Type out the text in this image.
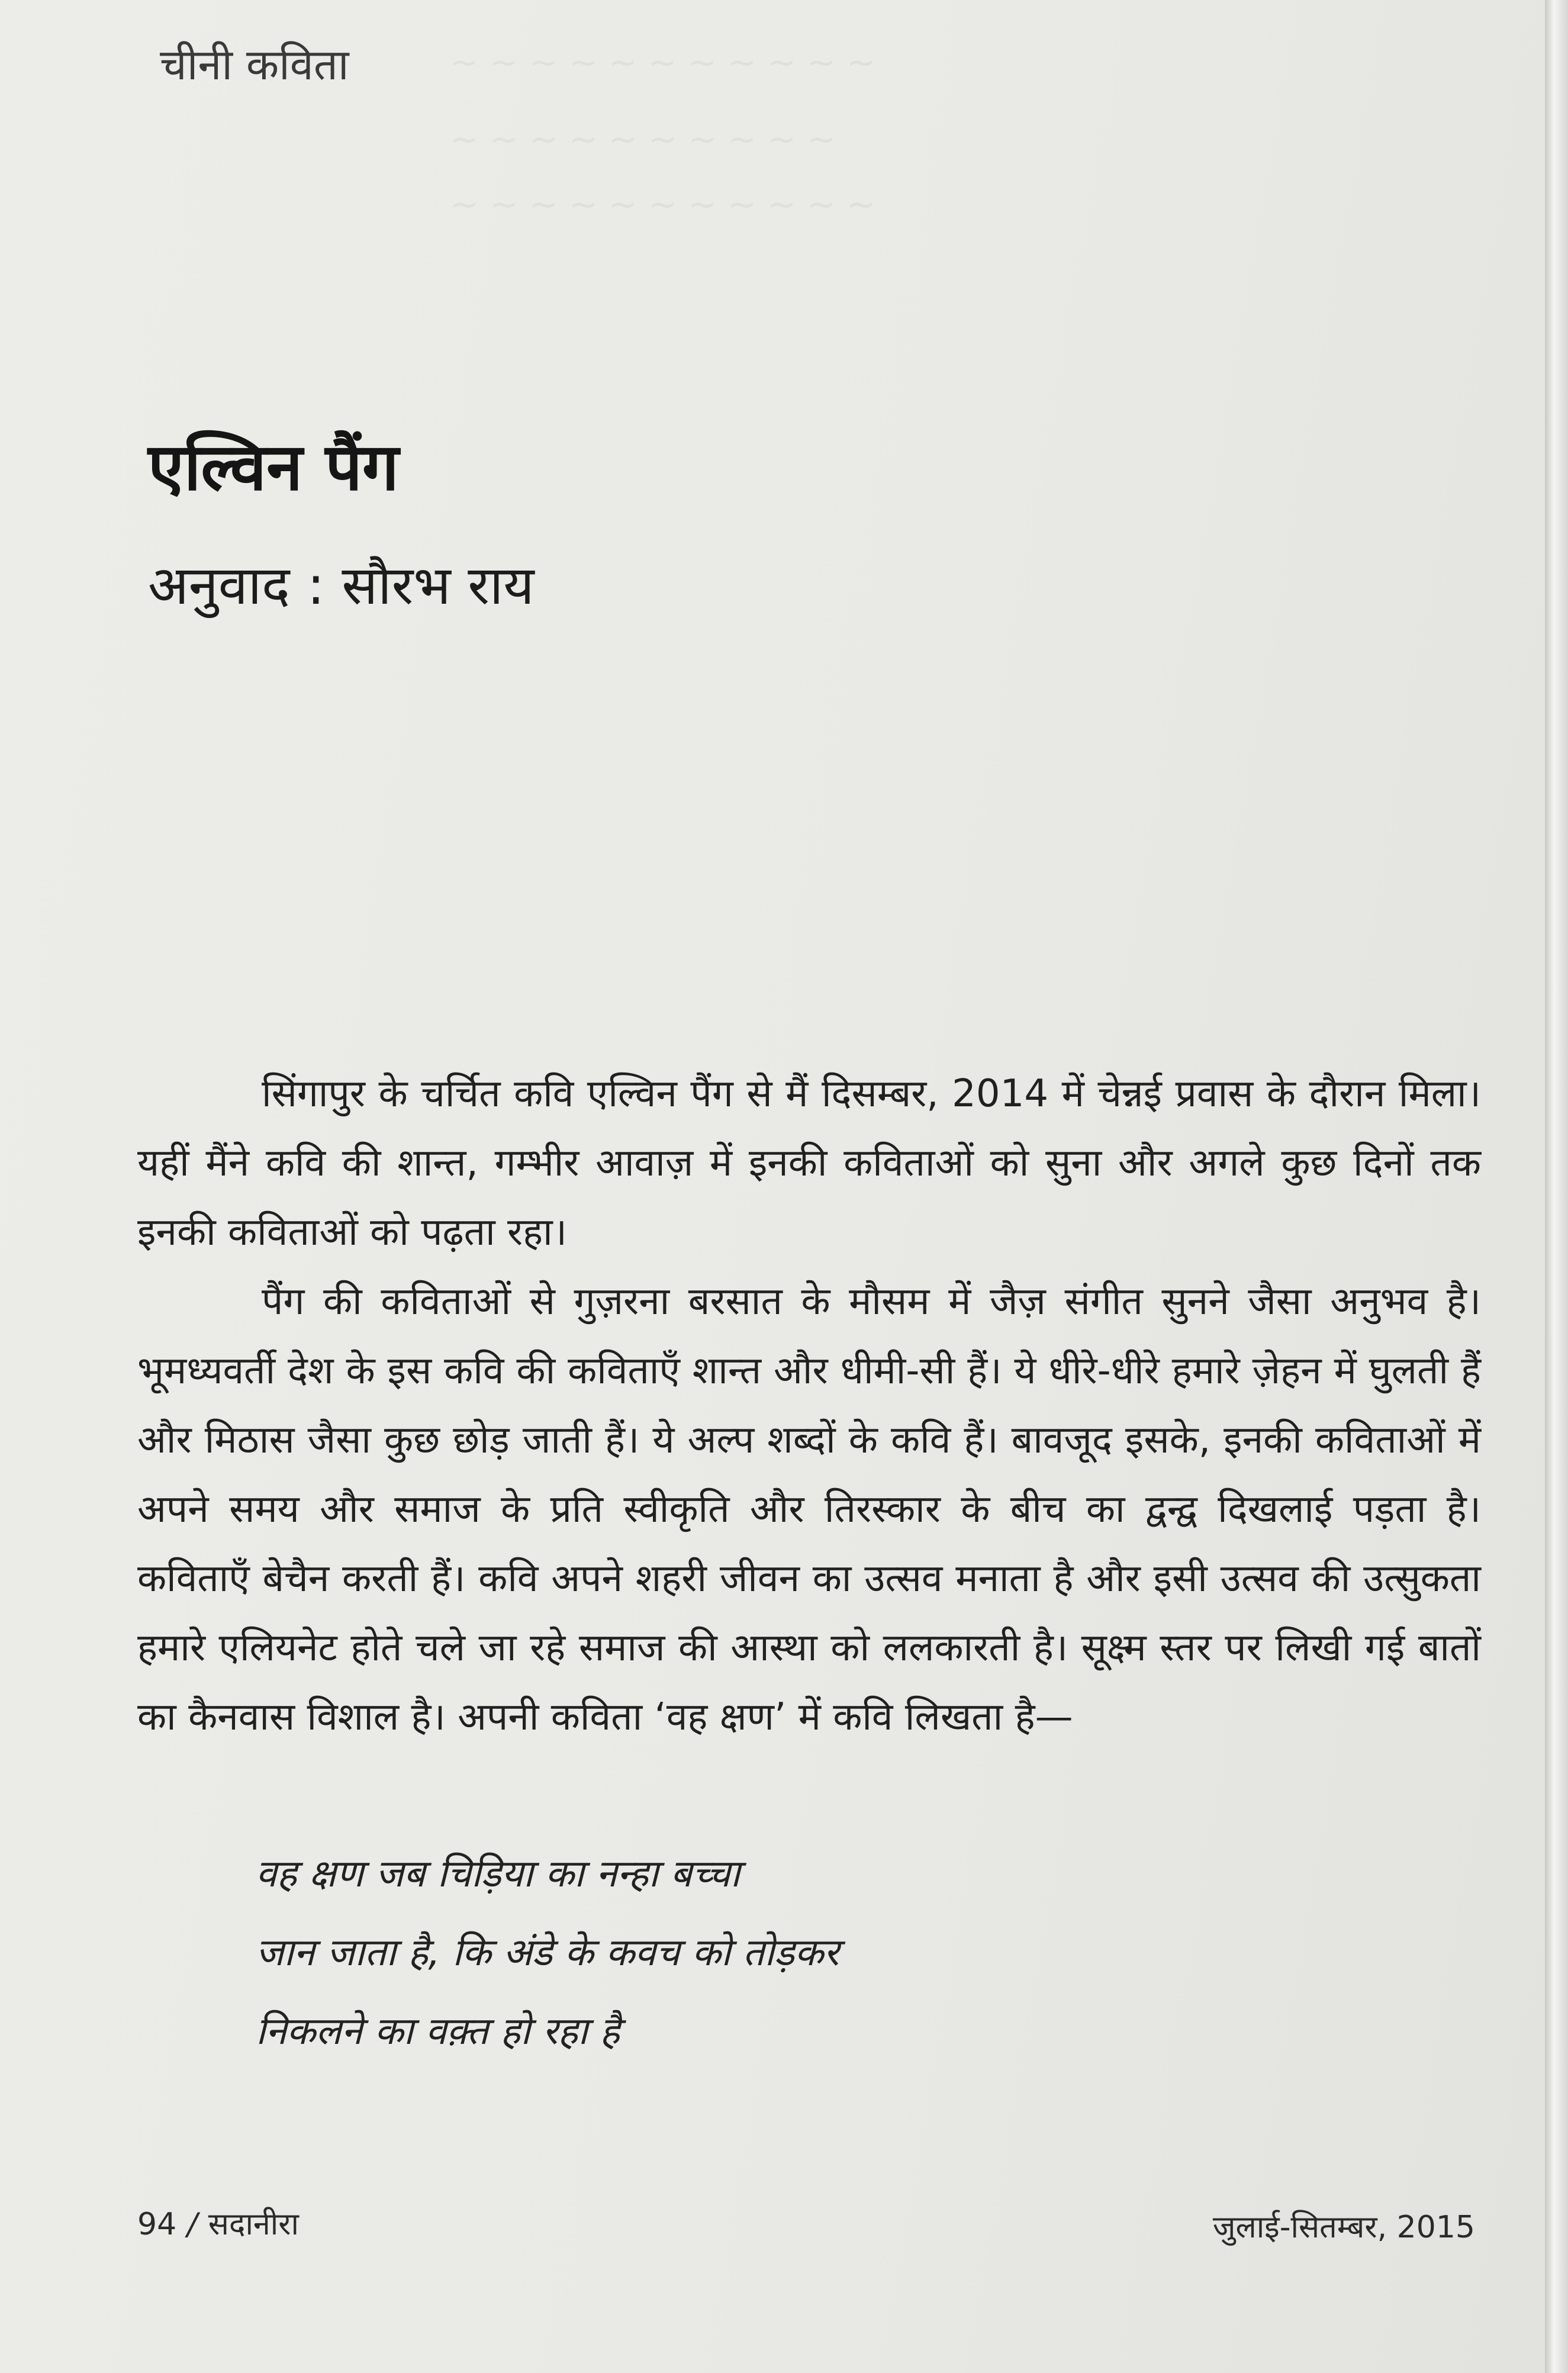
~ ~ ~ ~ ~ ~ ~ ~ ~ ~ ~
~ ~ ~ ~ ~ ~ ~ ~ ~ ~
~ ~ ~ ~ ~ ~ ~ ~ ~ ~ ~
चीनी कविता
एल्विन पैंग
अनुवाद : सौरभ राय

सिंगापुर के चर्चित कवि एल्विन पैंग से मैं दिसम्बर, 2014 में चेन्नई प्रवास के दौरान मिला। यहीं मैंने कवि की शान्त, गम्भीर आवाज़ में इनकी कविताओं को सुना और अगले कुछ दिनों तक इनकी कविताओं को पढ़ता रहा।

पैंग की कविताओं से गुज़रना बरसात के मौसम में जैज़ संगीत सुनने जैसा अनुभव है। भूमध्यवर्ती देश के इस कवि की कविताएँ शान्त और धीमी-सी हैं। ये धीरे-धीरे हमारे ज़ेहन में घुलती हैं और मिठास जैसा कुछ छोड़ जाती हैं। ये अल्प शब्दों के कवि हैं। बावजूद इसके, इनकी कविताओं में अपने समय और समाज के प्रति स्वीकृति और तिरस्कार के बीच का द्वन्द्व दिखलाई पड़ता है। कविताएँ बेचैन करती हैं। कवि अपने शहरी जीवन का उत्सव मनाता है और इसी उत्सव की उत्सुकता हमारे एलियनेट होते चले जा रहे समाज की आस्था को ललकारती है। सूक्ष्म स्तर पर लिखी गई बातों का कैनवास विशाल है। अपनी कविता ‘वह क्षण’ में कवि लिखता है—

वह क्षण जब चिड़िया का नन्हा बच्चा
जान जाता है, कि अंडे के कवच को तोड़कर
निकलने का वक़्त हो रहा है
94 / सदानीरा	जुलाई-सितम्बर, 2015
